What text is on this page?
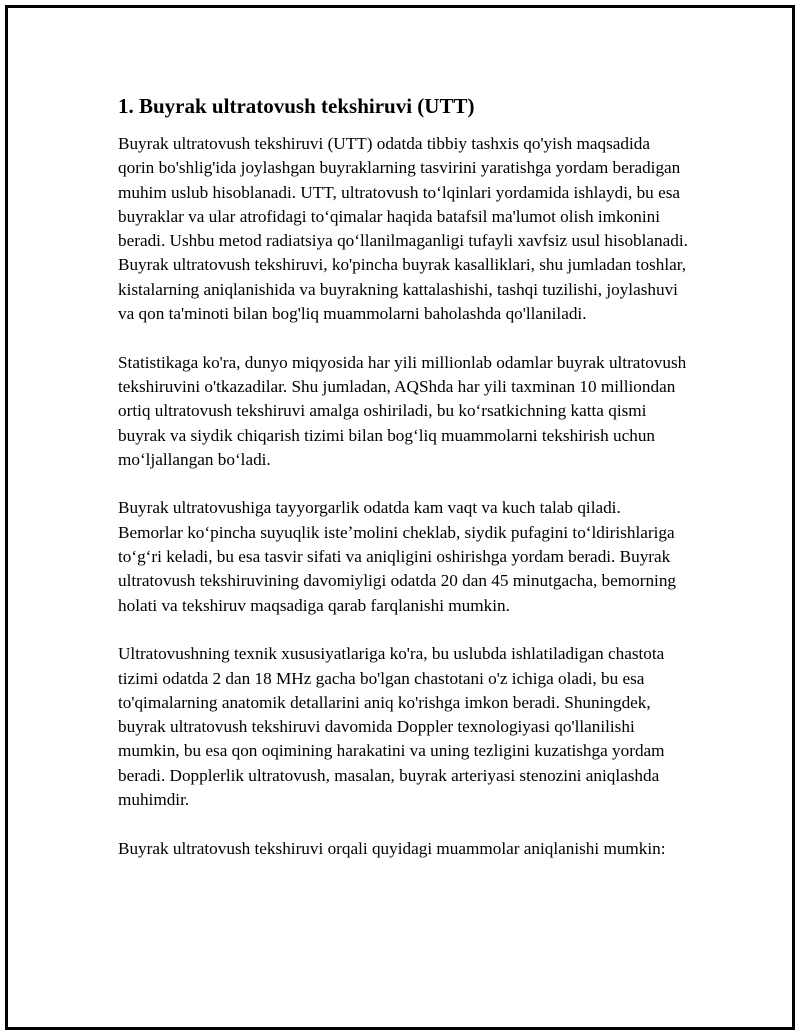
1. Buyrak ultratovush tekshiruvi (UTT)

Buyrak ultratovush tekshiruvi (UTT) odatda tibbiy tashxis qo'yish maqsadida qorin bo'shlig'ida joylashgan buyraklarning tasvirini yaratishga yordam beradigan muhim uslub hisoblanadi. UTT, ultratovush toʻlqinlari yordamida ishlaydi, bu esa buyraklar va ular atrofidagi toʻqimalar haqida batafsil ma'lumot olish imkonini beradi. Ushbu metod radiatsiya qoʻllanilmaganligi tufayli xavfsiz usul hisoblanadi. Buyrak ultratovush tekshiruvi, ko'pincha buyrak kasalliklari, shu jumladan toshlar, kistalarning aniqlanishida va buyrakning kattalashishi, tashqi tuzilishi, joylashuvi va qon ta'minoti bilan bog'liq muammolarni baholashda qo'llaniladi.

Statistikaga ko'ra, dunyo miqyosida har yili millionlab odamlar buyrak ultratovush tekshiruvini o'tkazadilar. Shu jumladan, AQShda har yili taxminan 10 milliondan ortiq ultratovush tekshiruvi amalga oshiriladi, bu koʻrsatkichning katta qismi buyrak va siydik chiqarish tizimi bilan bogʻliq muammolarni tekshirish uchun moʻljallangan boʻladi.

Buyrak ultratovushiga tayyorgarlik odatda kam vaqt va kuch talab qiladi. Bemorlar koʻpincha suyuqlik isteʼmolini cheklab, siydik pufagini toʻldirishlariga toʻgʻri keladi, bu esa tasvir sifati va aniqligini oshirishga yordam beradi. Buyrak ultratovush tekshiruvining davomiyligi odatda 20 dan 45 minutgacha, bemorning holati va tekshiruv maqsadiga qarab farqlanishi mumkin.

Ultratovushning texnik xususiyatlariga ko'ra, bu uslubda ishlatiladigan chastota tizimi odatda 2 dan 18 MHz gacha bo'lgan chastotani o'z ichiga oladi, bu esa to'qimalarning anatomik detallarini aniq ko'rishga imkon beradi. Shuningdek, buyrak ultratovush tekshiruvi davomida Doppler texnologiyasi qo'llanilishi mumkin, bu esa qon oqimining harakatini va uning tezligini kuzatishga yordam beradi. Dopplerlik ultratovush, masalan, buyrak arteriyasi stenozini aniqlashda muhimdir.

Buyrak ultratovush tekshiruvi orqali quyidagi muammolar aniqlanishi mumkin:
